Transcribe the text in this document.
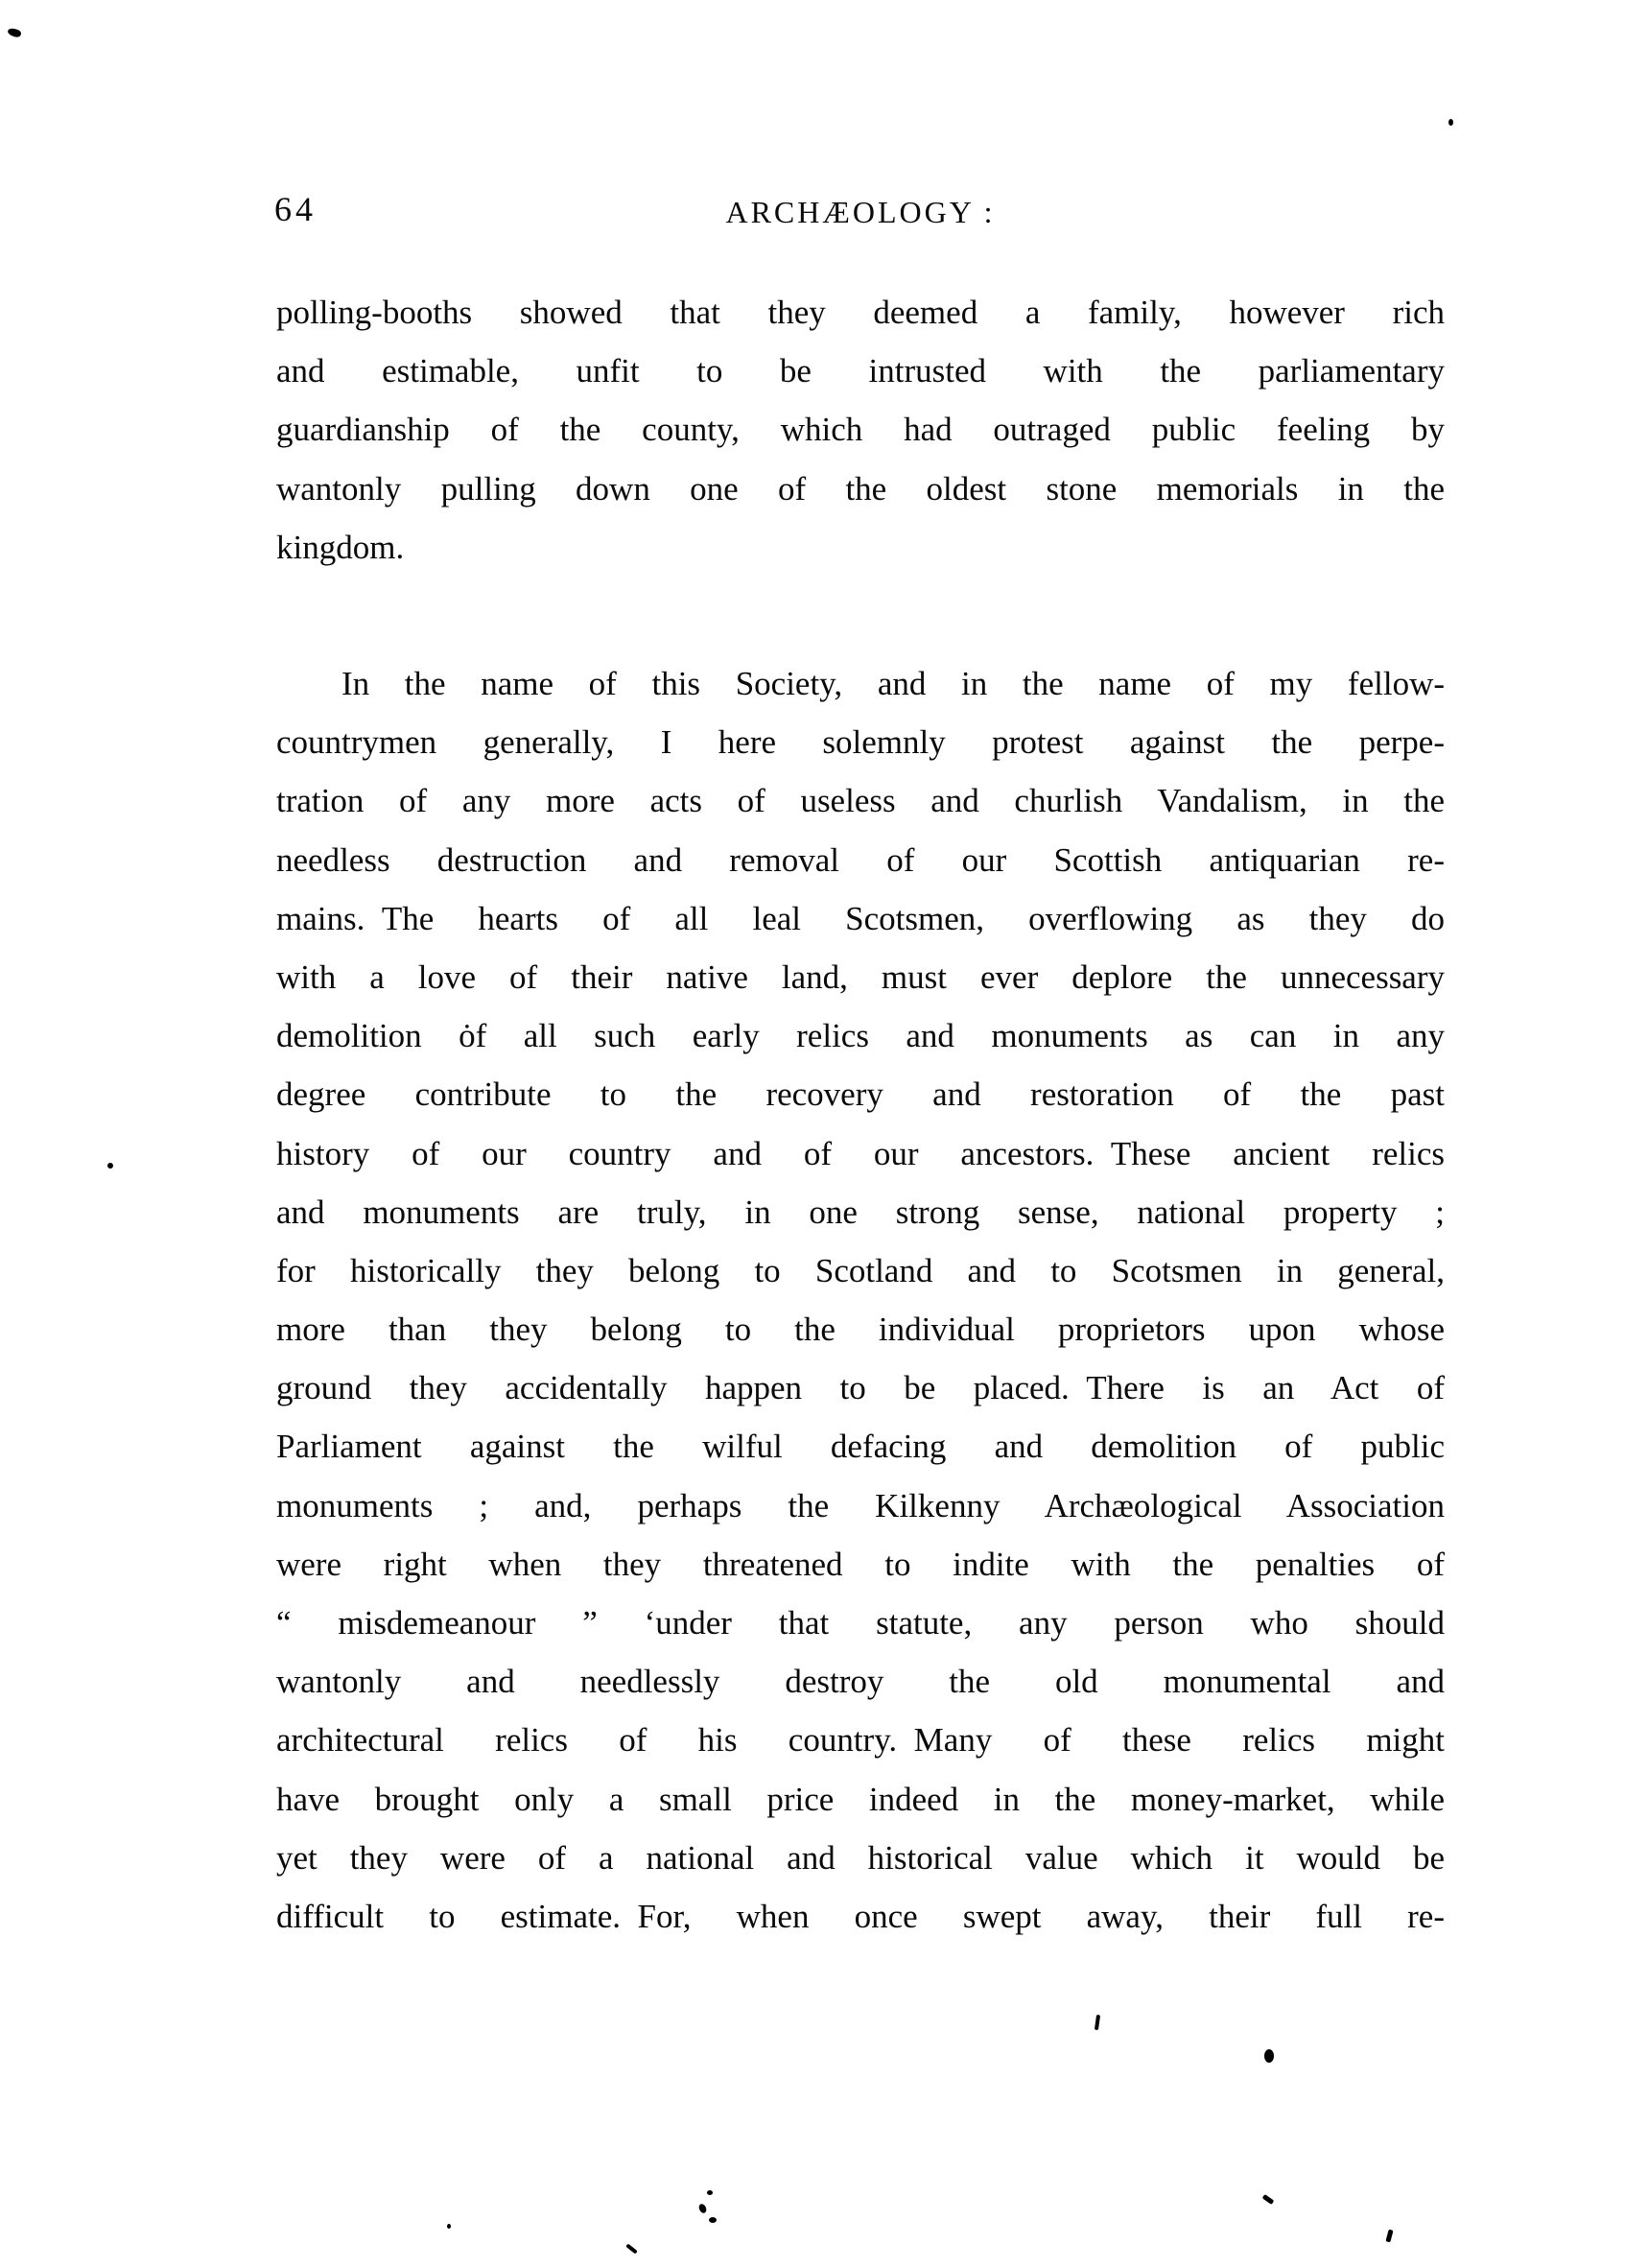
64	ARCHÆOLOGY :
polling-booths showed that they deemed a family, however rich
and estimable, unfit to be intrusted with the parliamentary
guardianship of the county, which had outraged public feeling by
wantonly pulling down one of the oldest stone memorials in the
kingdom.
In the name of this Society, and in the name of my fellow-
countrymen generally, I here solemnly protest against the perpe-
tration of any more acts of useless and churlish Vandalism, in the
needless destruction and removal of our Scottish antiquarian re-
mains. The hearts of all leal Scotsmen, overflowing as they do
with a love of their native land, must ever deplore the unnecessary
demolition ȯf all such early relics and monuments as can in any
degree contribute to the recovery and restoration of the past
history of our country and of our ancestors. These ancient relics
and monuments are truly, in one strong sense, national property ;
for historically they belong to Scotland and to Scotsmen in general,
more than they belong to the individual proprietors upon whose
ground they accidentally happen to be placed. There is an Act of
Parliament against the wilful defacing and demolition of public
monuments ; and, perhaps the Kilkenny Archæological Association
were right when they threatened to indite with the penalties of
“ misdemeanour ” ‘under that statute, any person who should
wantonly and needlessly destroy the old monumental and
architectural relics of his country. Many of these relics might
have brought only a small price indeed in the money-market, while
yet they were of a national and historical value which it would be
difficult to estimate. For, when once swept away, their full re-
